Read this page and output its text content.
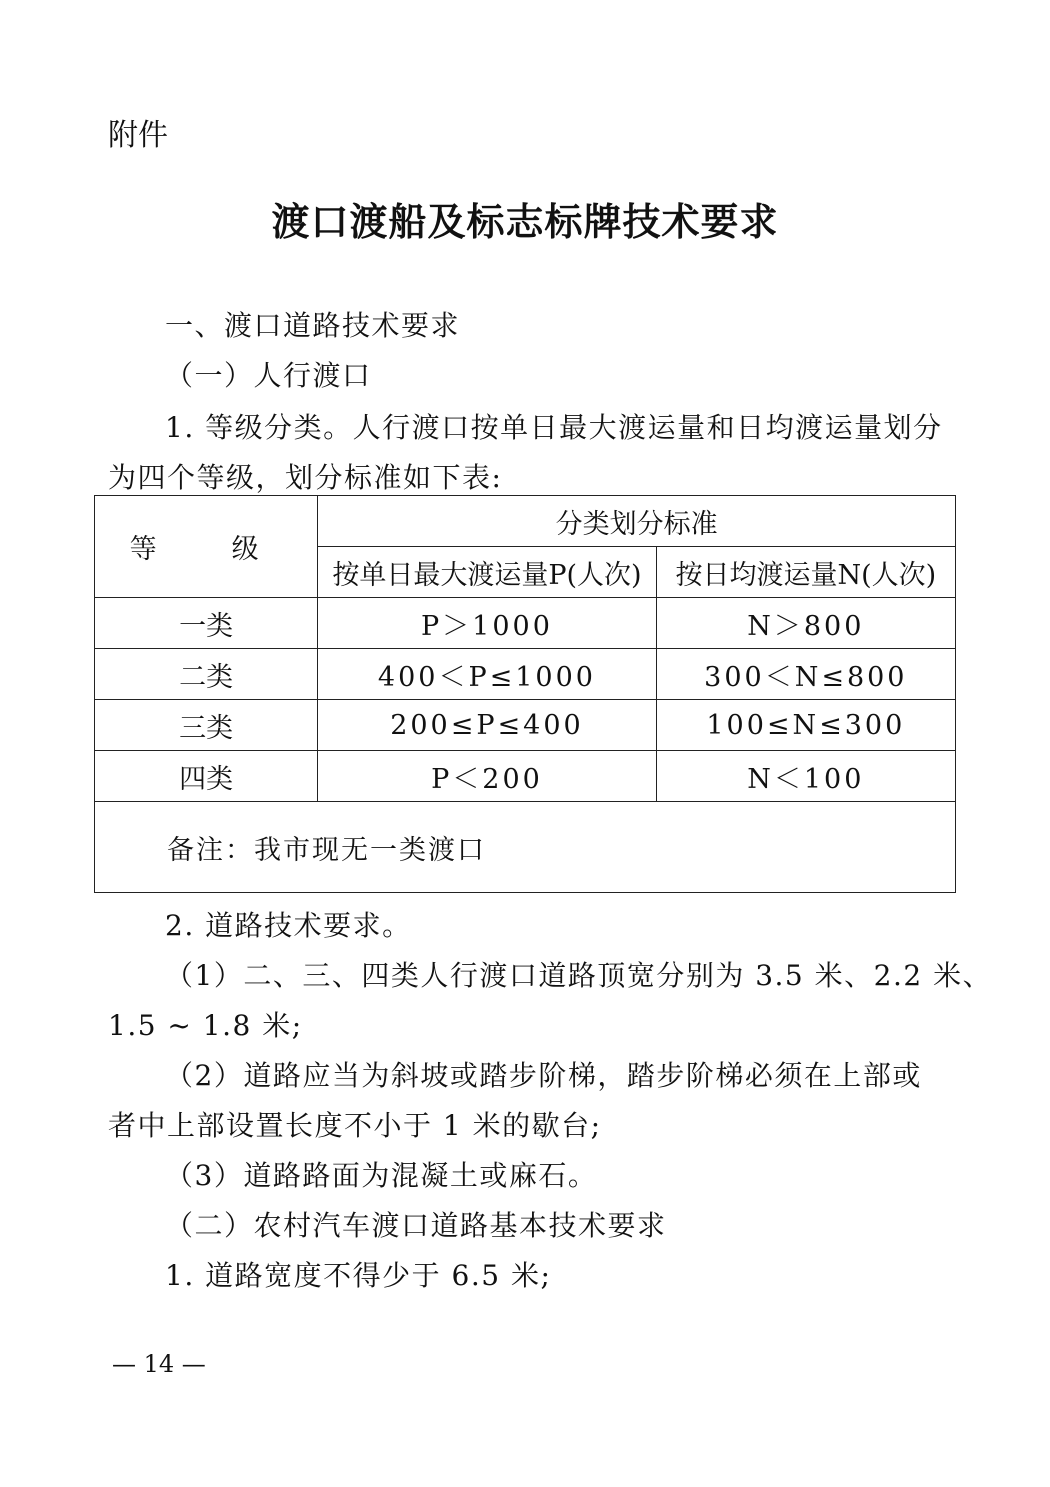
附件
渡口渡船及标志标牌技术要求
一、渡口道路技术要求
（一）人行渡口
1. 等级分类。人行渡口按单日最大渡运量和日均渡运量划分
为四个等级，划分标准如下表:
等　级	分类划分标准	
	按单日最大渡运量P(人次)	按日均渡运量N(人次)
一类	P＞1000	N＞800
二类	400＜P≤1000	300＜N≤800
三类	200≤P≤400	100≤N≤300
四类	P＜200	N＜100
备注：我市现无一类渡口		
2. 道路技术要求。
（1）二、三、四类人行渡口道路顶宽分别为 3.5 米、2.2 米、
1.5 ~ 1.8 米;
（2）道路应当为斜坡或踏步阶梯，踏步阶梯必须在上部或
者中上部设置长度不小于 1 米的歇台;
（3）道路路面为混凝土或麻石。
（二）农村汽车渡口道路基本技术要求
1. 道路宽度不得少于 6.5 米;
— 14 —
